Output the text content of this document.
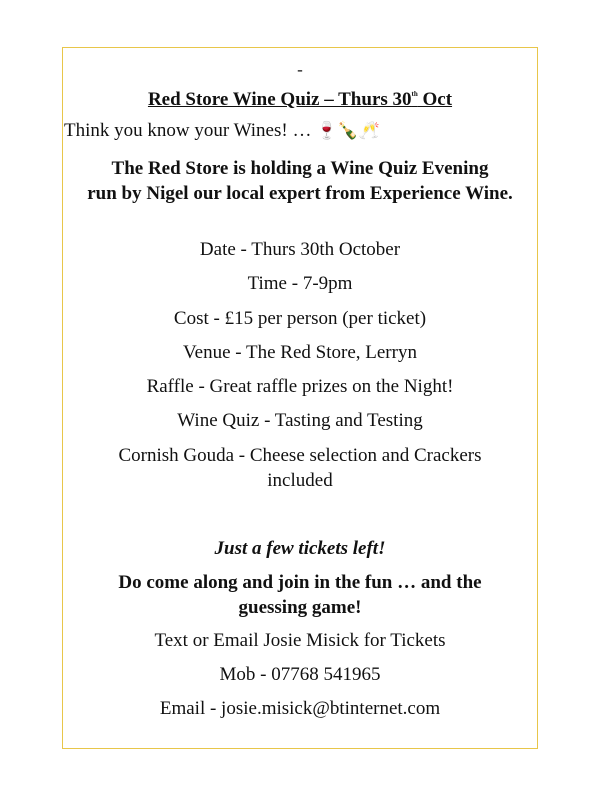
-
Red Store Wine Quiz – Thurs 30th Oct
Think you know your Wines! … 🍷🍾🥂
The Red Store is holding a Wine Quiz Evening
run by Nigel our local expert from Experience Wine.
Date - Thurs 30th October
Time - 7-9pm
Cost - £15 per person (per ticket)
Venue - The Red Store, Lerryn
Raffle - Great raffle prizes on the Night!
Wine Quiz - Tasting and Testing
Cornish Gouda - Cheese selection and Crackers
included
Just a few tickets left!
Do come along and join in the fun … and the
guessing game!
Text or Email Josie Misick for Tickets
Mob - 07768 541965
Email - josie.misick@btinternet.com
